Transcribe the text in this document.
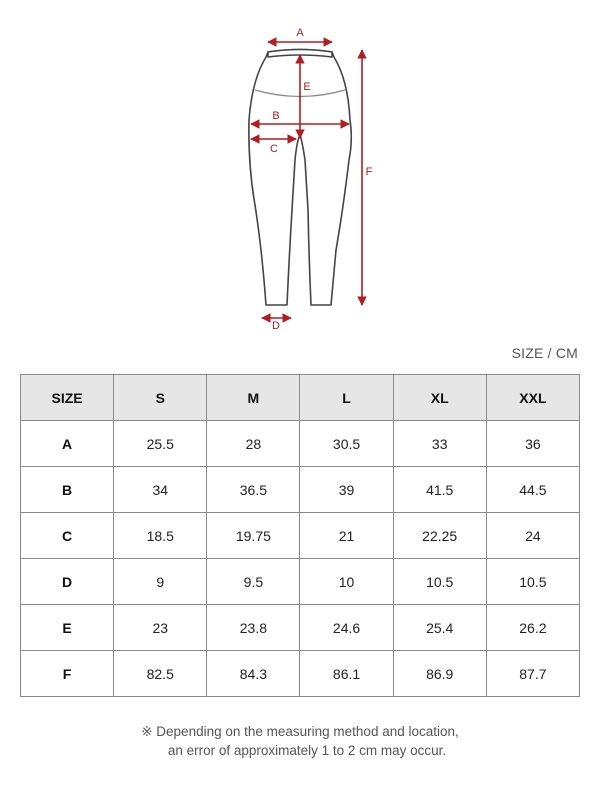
A
E
B
C
D
F
SIZE / CM
SIZE	S	M	L	XL	XXL
A	25.5	28	30.5	33	36
B	34	36.5	39	41.5	44.5
C	18.5	19.75	21	22.25	24
D	9	9.5	10	10.5	10.5
E	23	23.8	24.6	25.4	26.2
F	82.5	84.3	86.1	86.9	87.7
※ Depending on the measuring method and location,
an error of approximately 1 to 2 cm may occur.
